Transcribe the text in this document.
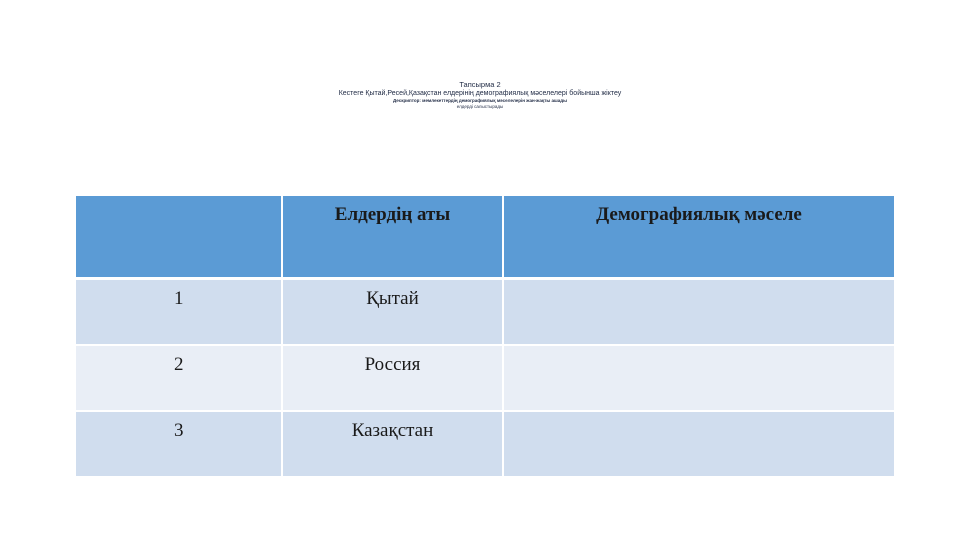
Тапсырма 2
Кестеге Қытай,Ресей,Қазақстан елдерінің демографиялық мәселелері бойынша жіктеу
Дескриптор: мемлекеттердің демографиялық мәселелерін жан-жақты ашады
елдерді салыстырады
	Елдердің аты	Демографиялық мәселе
1	Қытай	
2	Россия	
3	Казақстан	
